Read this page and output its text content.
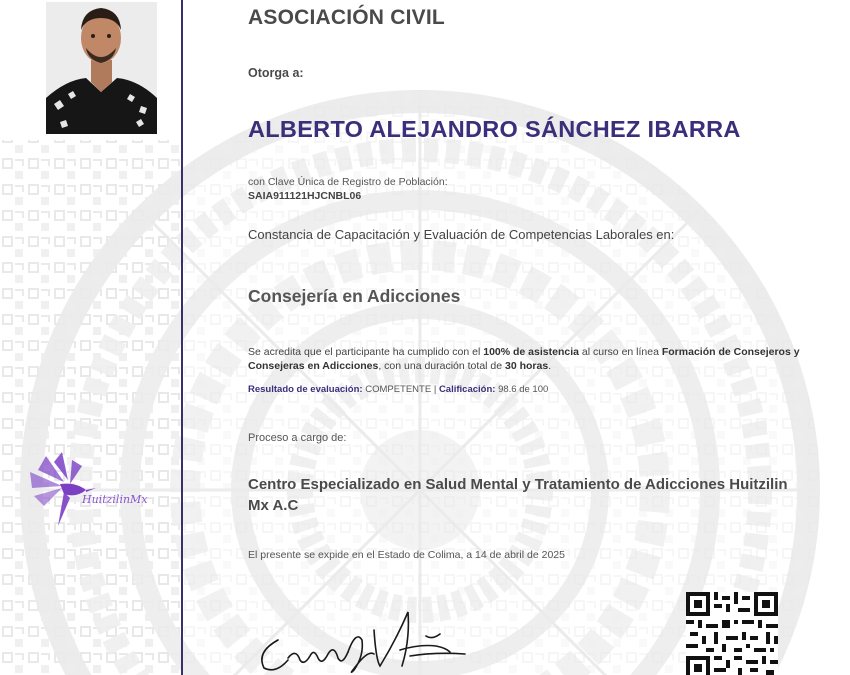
HuitzilinMx

ASOCIACIÓN CIVIL

Otorga a:

ALBERTO ALEJANDRO SÁNCHEZ IBARRA

con Clave Única de Registro de Población:

SAIA911121HJCNBL06

Constancia de Capacitación y Evaluación de Competencias Laborales en:

Consejería en Adicciones

Se acredita que el participante ha cumplido con el 100% de asistencia al curso en línea Formación de Consejeros y Consejeras en Adicciones, con una duración total de 30 horas.

Resultado de evaluación: COMPETENTE | Calificación: 98.6 de 100

Proceso a cargo de:

Centro Especializado en Salud Mental y Tratamiento de Adicciones Huitzilin Mx A.C

El presente se expide en el Estado de Colima, a 14 de abril de 2025
